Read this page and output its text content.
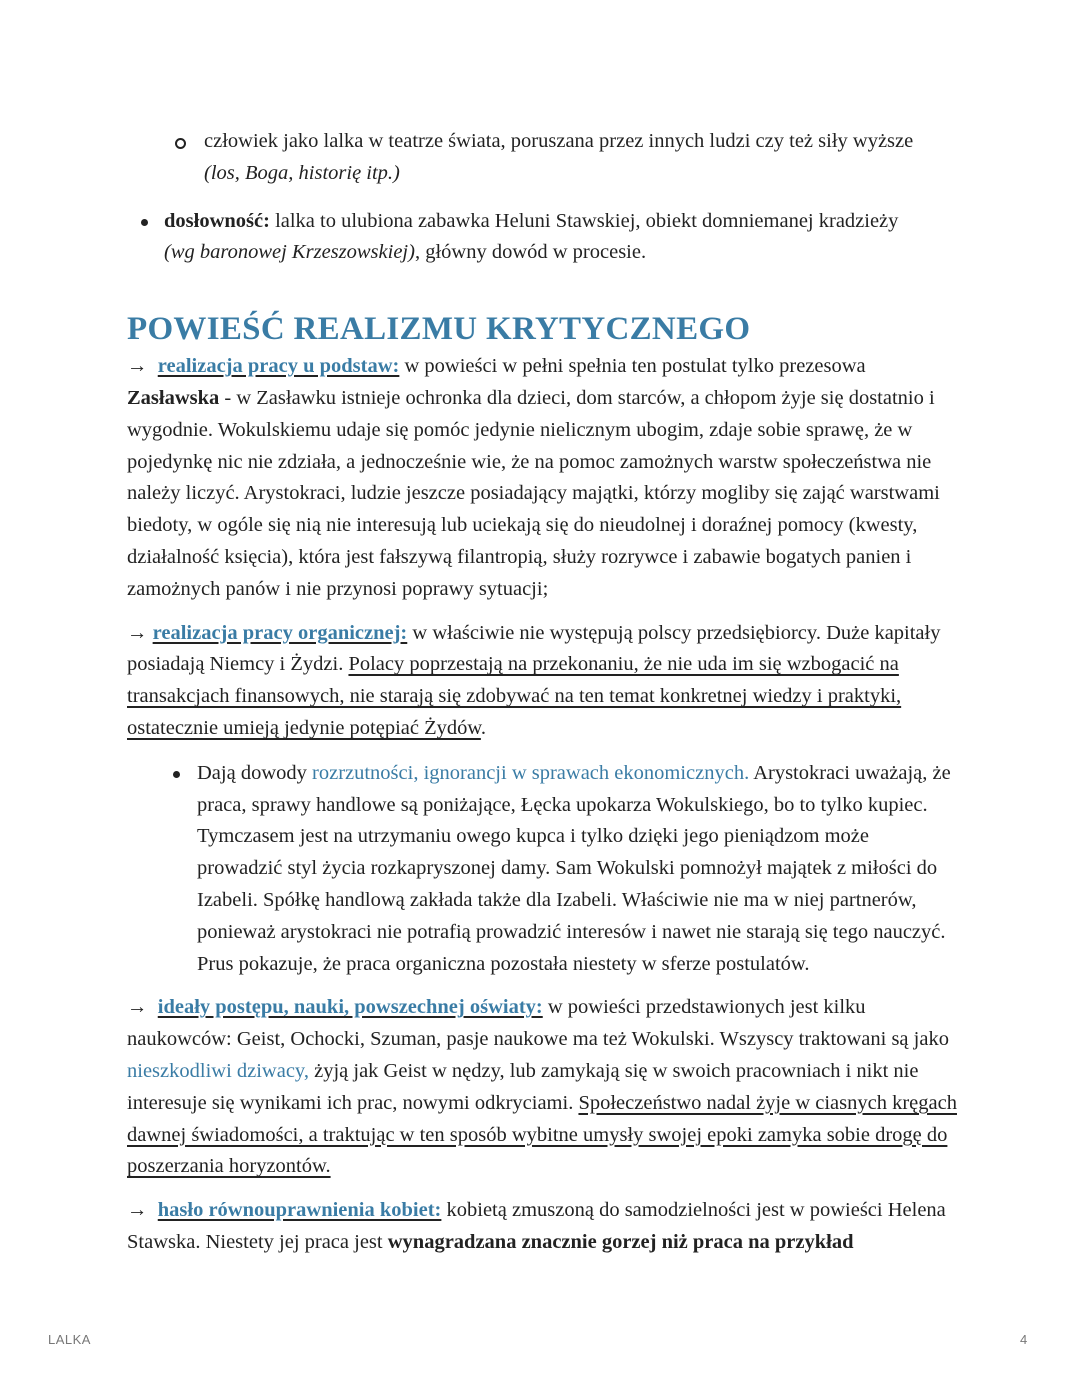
człowiek jako lalka w teatrze świata, poruszana przez innych ludzi czy też siły wyższe
(los, Boga, historię itp.)

dosłowność: lalka to ulubiona zabawka Heluni Stawskiej, obiekt domniemanej kradzieży
(wg baronowej Krzeszowskiej), główny dowód w procesie.

POWIEŚĆ REALIZMU KRYTYCZNEGO

→ realizacja pracy u podstaw: w powieści w pełni spełnia ten postulat tylko prezesowa Zasławska - w Zasławku istnieje ochronka dla dzieci, dom starców, a chłopom żyje się dostatnio i wygodnie. Wokulskiemu udaje się pomóc jedynie nielicznym ubogim, zdaje sobie sprawę, że w pojedynkę nic nie zdziała, a jednocześnie wie, że na pomoc zamożnych warstw społeczeństwa nie należy liczyć. Arystokraci, ludzie jeszcze posiadający majątki, którzy mogliby się zająć warstwami biedoty, w ogóle się nią nie interesują lub uciekają się do nieudolnej i doraźnej pomocy (kwesty, działalność księcia), która jest fałszywą filantropią, służy rozrywce i zabawie bogatych panien i zamożnych panów i nie przynosi poprawy sytuacji;

→ realizacja pracy organicznej: w właściwie nie występują polscy przedsiębiorcy. Duże kapitały posiadają Niemcy i Żydzi. Polacy poprzestają na przekonaniu, że nie uda im się wzbogacić na transakcjach finansowych, nie starają się zdobywać na ten temat konkretnej wiedzy i praktyki, ostatecznie umieją jedynie potępiać Żydów.

Dają dowody rozrzutności, ignorancji w sprawach ekonomicznych. Arystokraci uważają, że praca, sprawy handlowe są poniżające, Łęcka upokarza Wokulskiego, bo to tylko kupiec. Tymczasem jest na utrzymaniu owego kupca i tylko dzięki jego pieniądzom może prowadzić styl życia rozkapryszonej damy. Sam Wokulski pomnożył majątek z miłości do Izabeli. Spółkę handlową zakłada także dla Izabeli. Właściwie nie ma w niej partnerów, ponieważ arystokraci nie potrafią prowadzić interesów i nawet nie starają się tego nauczyć. Prus pokazuje, że praca organiczna pozostała niestety w sferze postulatów.

→ ideały postępu, nauki, powszechnej oświaty: w powieści przedstawionych jest kilku naukowców: Geist, Ochocki, Szuman, pasje naukowe ma też Wokulski. Wszyscy traktowani są jako nieszkodliwi dziwacy, żyją jak Geist w nędzy, lub zamykają się w swoich pracowniach i nikt nie interesuje się wynikami ich prac, nowymi odkryciami. Społeczeństwo nadal żyje w ciasnych kręgach dawnej świadomości, a traktując w ten sposób wybitne umysły swojej epoki zamyka sobie drogę do poszerzania horyzontów.

→ hasło równouprawnienia kobiet: kobietą zmuszoną do samodzielności jest w powieści Helena Stawska. Niestety jej praca jest wynagradzana znacznie gorzej niż praca na przykład

LALKA	4
